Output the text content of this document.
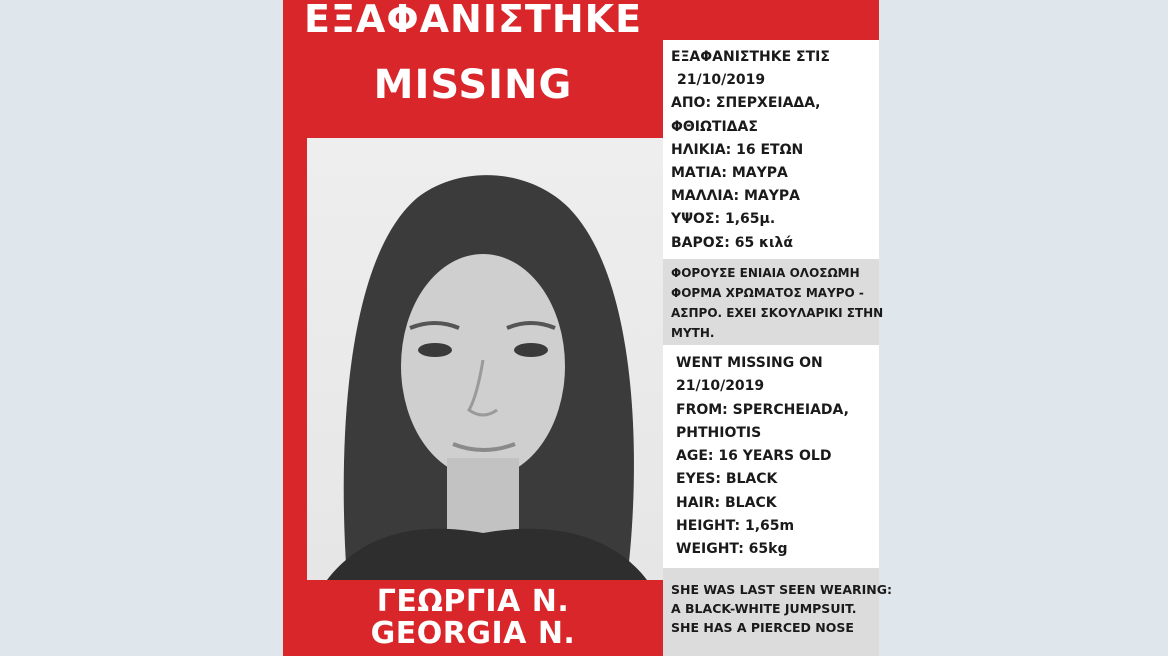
ΕΞΑΦΑΝΙΣΤΗΚΕ
MISSING
ΓΕΩΡΓΙΑ Ν.
GEORGIA N.
ΕΞΑΦΑΝΙΣΤΗΚΕ ΣΤΙΣ
21/10/2019
ΑΠΟ: ΣΠΕΡΧΕΙΑΔΑ,
ΦΘΙΩΤΙΔΑΣ
ΗΛΙΚΙΑ: 16 ΕΤΩΝ
ΜΑΤΙΑ: ΜΑΥΡΑ
ΜΑΛΛΙΑ: ΜΑΥΡΑ
ΥΨΟΣ: 1,65μ.
ΒΑΡΟΣ: 65 κιλά
ΦΟΡΟΥΣΕ ΕΝΙΑΙΑ ΟΛΟΣΩΜΗ
ΦΟΡΜΑ ΧΡΩΜΑΤΟΣ ΜΑΥΡΟ -
ΑΣΠΡΟ. ΕΧΕΙ ΣΚΟΥΛΑΡΙΚΙ ΣΤΗΝ
ΜΥΤΗ.
WENT MISSING ON
21/10/2019
FROM: SPERCHEIADA,
PHTHIOTIS
AGE: 16 YEARS OLD
EYES: BLACK
HAIR: BLACK
HEIGHT: 1,65m
WEIGHT: 65kg
SHE WAS LAST SEEN WEARING:
A BLACK-WHITE JUMPSUIT.
SHE HAS A PIERCED NOSE
